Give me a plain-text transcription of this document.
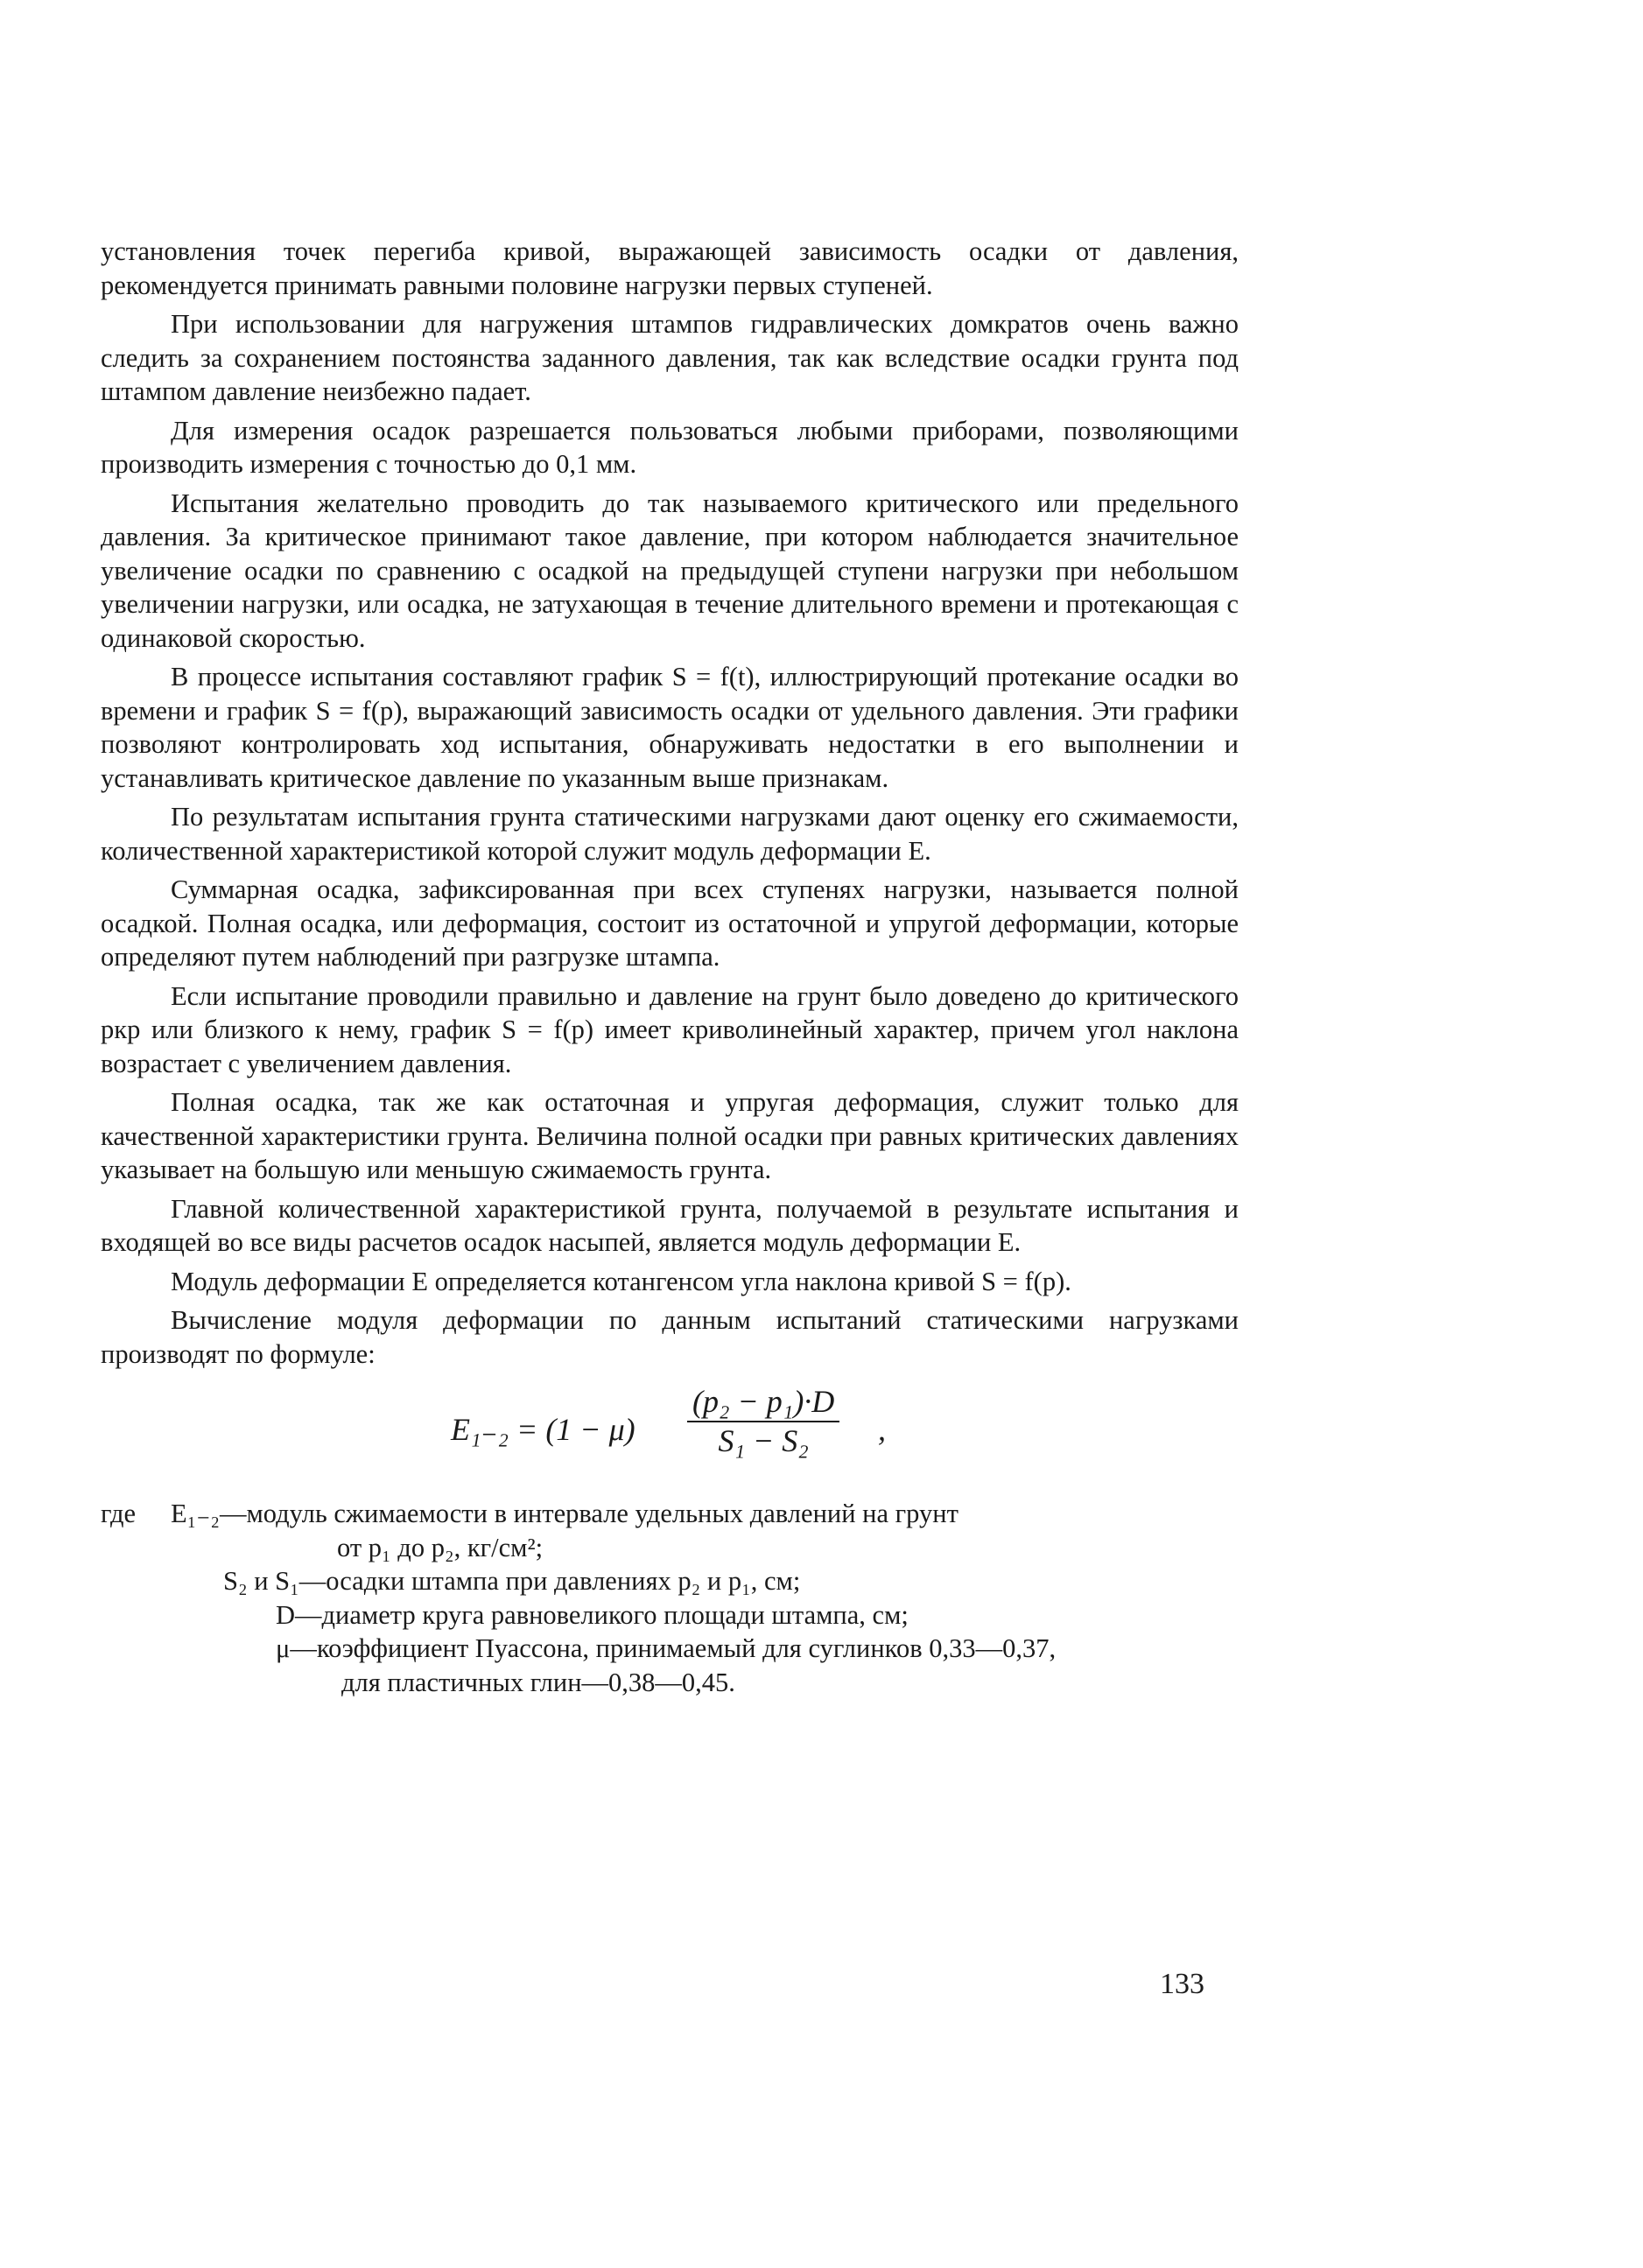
установления точек перегиба кривой, выражающей зависимость осадки от давления, рекомендуется принимать равными половине нагрузки первых ступеней.

При использовании для нагружения штампов гидравлических домкратов очень важно следить за сохранением постоянства заданного давления, так как вследствие осадки грунта под штампом давление неизбежно падает.

Для измерения осадок разрешается пользоваться любыми приборами, позволяющими производить измерения с точностью до 0,1 мм.

Испытания желательно проводить до так называемого критического или предельного давления. За критическое принимают такое давление, при котором наблюдается значительное увеличение осадки по сравнению с осадкой на предыдущей ступени нагрузки при небольшом увеличении нагрузки, или осадка, не затухающая в течение длительного времени и протекающая с одинаковой скоростью.

В процессе испытания составляют график S = f(t), иллюстрирующий протекание осадки во времени и график S = f(p), выражающий зависимость осадки от удельного давления. Эти графики позволяют контролировать ход испытания, обнаруживать недостатки в его выполнении и устанавливать критическое давление по указанным выше признакам.

По результатам испытания грунта статическими нагрузками дают оценку его сжимаемости, количественной характеристикой которой служит модуль деформации E.

Суммарная осадка, зафиксированная при всех ступенях нагрузки, называется полной осадкой. Полная осадка, или деформация, состоит из остаточной и упругой деформации, которые определяют путем наблюдений при разгрузке штампа.

Если испытание проводили правильно и давление на грунт было доведено до критического pкр или близкого к нему, график S = f(p) имеет криволинейный характер, причем угол наклона возрастает с увеличением давления.

Полная осадка, так же как остаточная и упругая деформация, служит только для качественной характеристики грунта. Величина полной осадки при равных критических давлениях указывает на большую или меньшую сжимаемость грунта.

Главной количественной характеристикой грунта, получаемой в результате испытания и входящей во все виды расчетов осадок насыпей, является модуль деформации E.

Модуль деформации E определяется котангенсом угла наклона кривой S = f(p).

Вычисление модуля деформации по данным испытаний статическими нагрузками производят по формуле:

$E_{1-2} = (1 - \mu) \frac{\text{(p₂ − p₁)·D}}{\text{S₁ − S₂}}$ ,
где E₁₋₂—модуль сжимаемости в интервале удельных давлений на грунт
от p₁ до p₂, кг/см²;
S₂ и S₁—осадки штампа при давлениях p₂ и p₁, см;
D—диаметр круга равновеликого площади штампа, см;
μ—коэффициент Пуассона, принимаемый для суглинков 0,33—0,37,
для пластичных глин—0,38—0,45.
133
